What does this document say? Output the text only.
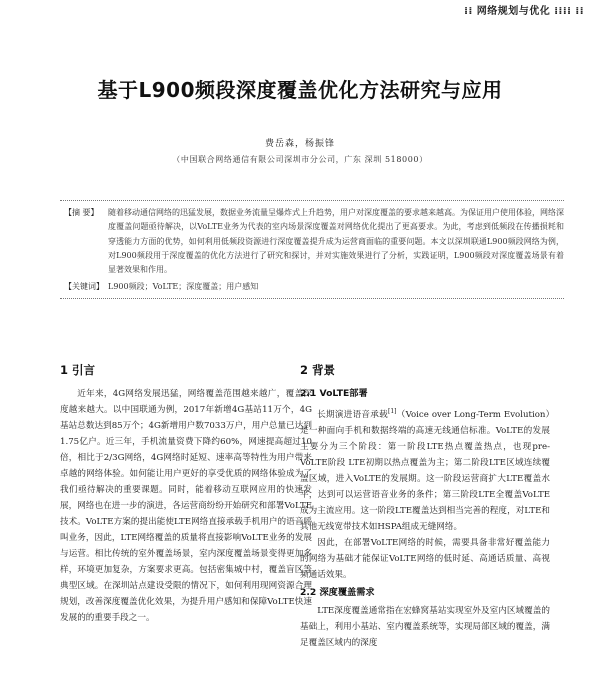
⁞⁞ 网络规划与优化 ⁞⁞⁞⁞ ⁞⁞
基于L900频段深度覆盖优化方法研究与应用
费岳森，杨振锋
（中国联合网络通信有限公司深圳市分公司，广东 深圳 518000）
【摘 要】	随着移动通信网络的迅猛发展，数据业务流量呈爆炸式上升趋势，用户对深度覆盖的要求越来越高。为保证用户使用体验，网络深度覆盖问题亟待解决，以VoLTE业务为代表的室内场景深度覆盖对网络优化提出了更高要求。为此，考虑到低频段在传播损耗和穿透能力方面的优势，如何利用低频段资源进行深度覆盖提升成为运营商面临的重要问题。本文以深圳联通L900频段网络为例，对L900频段用于深度覆盖的优化方法进行了研究和探讨，并对实施效果进行了分析，实践证明，L900频段对深度覆盖场景有着显著效果和作用。
【关键词】 L900频段；VoLTE；深度覆盖；用户感知
1 引言

近年来，4G网络发展迅猛，网络覆盖范围越来越广，覆盖深度越来越大。以中国联通为例，2017年新增4G基站11万个，4G基站总数达到85万个；4G新增用户数7033万户，用户总量已达到1.75亿户。近三年，手机流量资费下降约60%，网速提高超过10倍，相比于2/3G网络，4G网络时延短、速率高等特性为用户带来卓越的网络体验。如何能让用户更好的享受优质的网络体验成为了我们亟待解决的重要课题。同时，能着移动互联网应用的快速发展，网络也在进一步的演进，各运营商纷纷开始研究和部署VoLTE技术。VoLTE方案的提出能使LTE网络直接承载手机用户的语音呼叫业务，因此，LTE网络覆盖的质量将直接影响VoLTE业务的发展与运营。相比传统的室外覆盖场景，室内深度覆盖场景变得更加多样，环境更加复杂，方案要求更高。包括密集城中村，覆盖盲区等典型区域。在深圳站点建设受限的情况下，如何利用现网资源合理规划，改善深度覆盖优化效果，为提升用户感知和保障VoLTE快速发展的的重要手段之一。

2 背景
2.1 VoLTE部署

长期演进语音承载[1]（Voice over Long-Term Evolution）是一种面向手机和数据终端的高速无线通信标准。VoLTE的发展主要分为三个阶段：第一阶段LTE热点覆盖热点，也现pre-VoLTE阶段 LTE初期以热点覆盖为主；第二阶段LTE区域连续覆盖区域，进入VoLTE的发展期。这一阶段运营商扩大LTE覆盖水平，达到可以运营语音业务的条件；第三阶段LTE全覆盖VoLTE成为主流应用。这一阶段LTE覆盖达到相当完善的程度，对LTE和其他无线宽带技术如HSPA组成无缝网络。

因此，在部署VoLTE网络的时候，需要具备非常好覆盖能力的网络为基础才能保证VoLTE网络的低时延、高通话质量、高视频通话效果。

2.2 深度覆盖需求

LTE深度覆盖通常指在宏蜂窝基站实现室外及室内区域覆盖的基础上，利用小基站、室内覆盖系统等，实现局部区域的覆盖，满足覆盖区域内的深度
